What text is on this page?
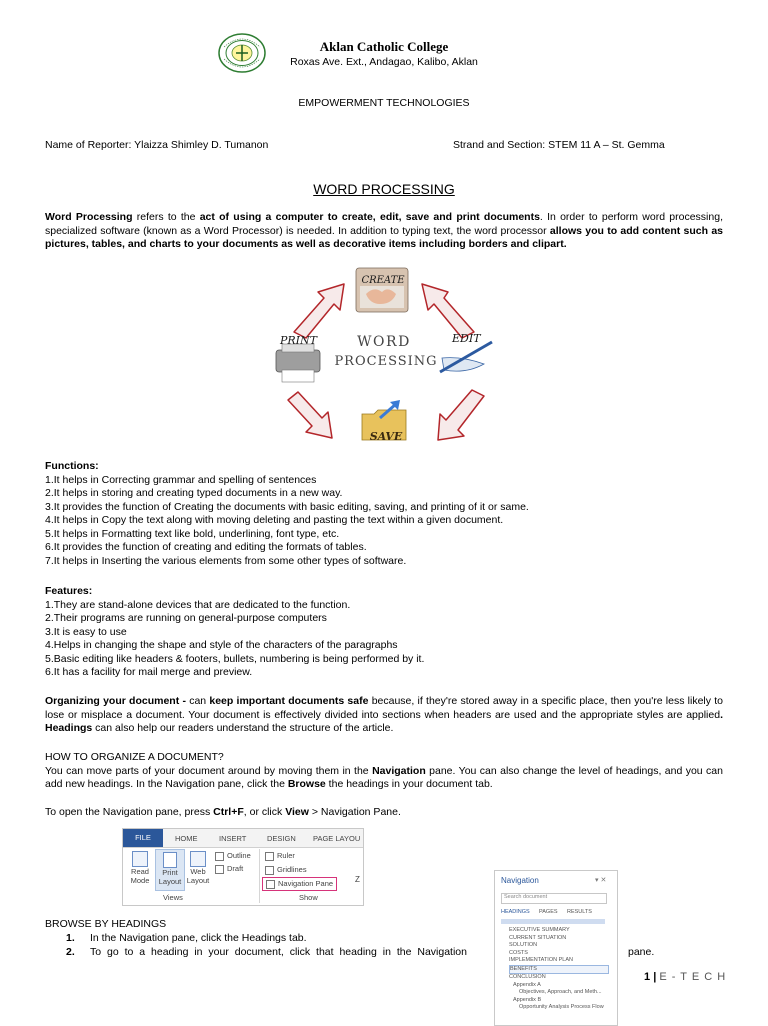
Aklan Catholic College
Roxas Ave. Ext., Andagao, Kalibo, Aklan
EMPOWERMENT TECHNOLOGIES
Name of Reporter: Ylaizza Shimley D. Tumanon	Strand and Section: STEM 11 A – St. Gemma
WORD PROCESSING
Word Processing refers to the act of using a computer to create, edit, save and print documents. In order to perform word processing, specialized software (known as a Word Processor) is needed. In addition to typing text, the word processor allows you to add content such as pictures, tables, and charts to your documents as well as decorative items including borders and clipart.
CREATE
EDIT
SAVE
PRINT	WORD
PROCESSING
Functions:
1.It helps in Correcting grammar and spelling of sentences
2.It helps in storing and creating typed documents in a new way.
3.It provides the function of Creating the documents with basic editing, saving, and printing of it or same.
4.It helps in Copy the text along with moving deleting and pasting the text within a given document.
5.It helps in Formatting text like bold, underlining, font type, etc.
6.It provides the function of creating and editing the formats of tables.
7.It helps in Inserting the various elements from some other types of software.
Features:
1.They are stand-alone devices that are dedicated to the function.
2.Their programs are running on general-purpose computers
3.It is easy to use
4.Helps in changing the shape and style of the characters of the paragraphs
5.Basic editing like headers & footers, bullets, numbering is being performed by it.
6.It has a facility for mail merge and preview.
Organizing your document - can keep important documents safe because, if they're stored away in a specific place, then you're less likely to lose or misplace a document. Your document is effectively divided into sections when headers are used and the appropriate styles are applied. Headings can also help our readers understand the structure of the article.
HOW TO ORGANIZE A DOCUMENT?
You can move parts of your document around by moving them in the Navigation pane. You can also change the level of headings, and you can add new headings. In the Navigation pane, click the Browse the headings in your document tab.
To open the Navigation pane, press Ctrl+F, or click View > Navigation Pane.
FILE	HOME	INSERT	DESIGN PAGE LAYOU
Read
Mode
Print
Layout
Web
Layout
Outline
Draft
Views
Ruler
Gridlines
Navigation Pane
Show
Z
BROWSE BY HEADINGS
1. In the Navigation pane, click the Headings tab.
2. To go to a heading in your document, click that heading in the Navigation	pane.
Navigation	▾ ✕
Search document
HEADINGS PAGES RESULTS
EXECUTIVE SUMMARY
CURRENT SITUATION
SOLUTION
COSTS
IMPLEMENTATION PLAN
BENEFITS
CONCLUSION
Appendix A
Objectives, Approach, and Meth...
Appendix B
Opportunity Analysis Process Flow
1 | E - T E C H
